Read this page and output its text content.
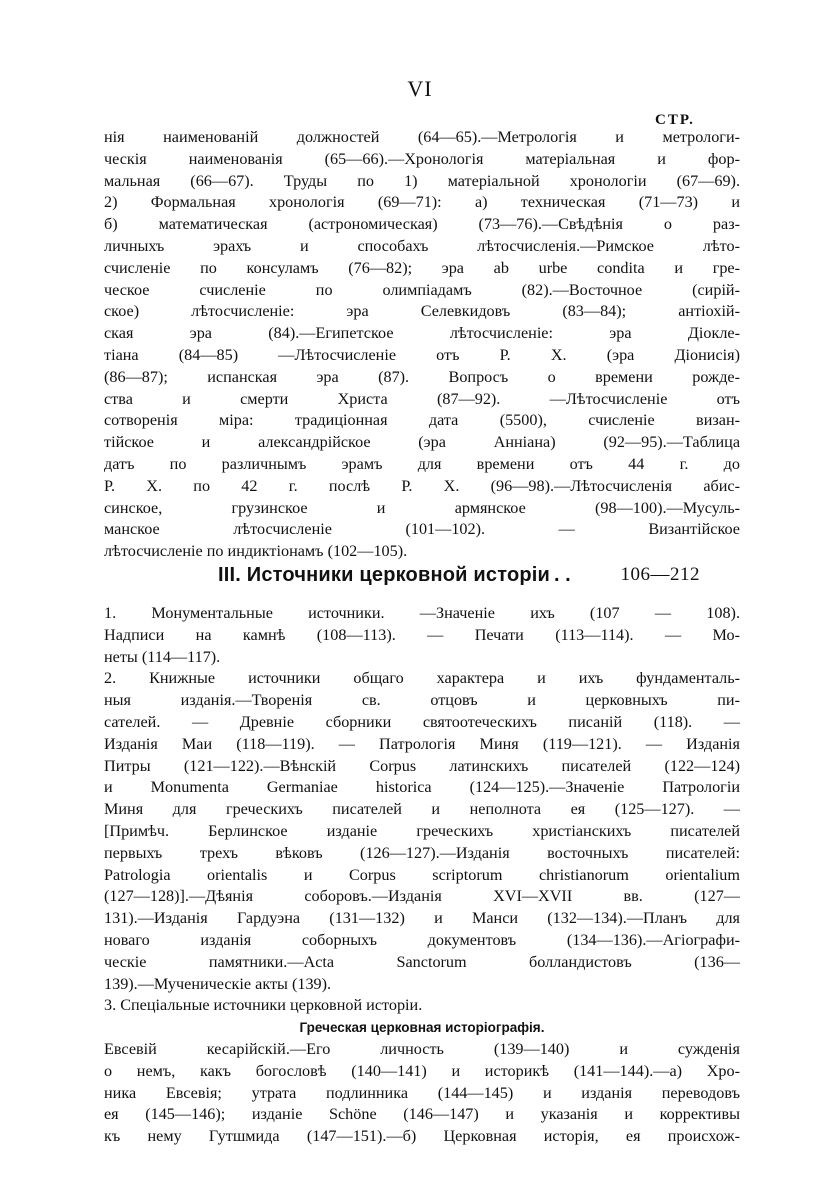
VI
СТР.
нія наименованій должностей (64—65).—Метрологія и метрологи-
ческія наименованія (65—66).—Хронологія матеріальная и фор-
мальная (66—67). Труды по 1) матеріальной хронологіи (67—69).
2) Формальная хронологія (69—71): а) техническая (71—73) и
б) математическая (астрономическая) (73—76).—Свѣдѣнія о раз-
личныхъ эрахъ и способахъ лѣтосчисленія.—Римское лѣто-
счисленіе по консуламъ (76—82); эра ab urbe condita и гре-
ческое счисленіе по олимпіадамъ (82).—Восточное (сирій-
ское) лѣтосчисленіе: эра Селевкидовъ (83—84); антіохій-
ская эра (84).—Египетское лѣтосчисленіе: эра Діокле-
тіана (84—85) —Лѣтосчисленіе отъ Р. Х. (эра Діонисія)
(86—87); испанская эра (87). Вопросъ о времени рожде-
ства и смерти Христа (87—92). —Лѣтосчисленіе отъ
сотворенія міра: традиціонная дата (5500), счисленіе визан-
тійское и александрійское (эра Анніана) (92—95).—Таблица
датъ по различнымъ эрамъ для времени отъ 44 г. до
Р. Х. по 42 г. послѣ Р. Х. (96—98).—Лѣтосчисленія абис-
синское, грузинское и армянское (98—100).—Мусуль-
манское лѣтосчисленіе (101—102). — Византійское
лѣтосчисленіе по индиктіонамъ (102—105).
III. Источники церковной исторіи . .	106—212
1. Монументальные источники. —Значеніе ихъ (107 — 108).
Надписи на камнѣ (108—113). — Печати (113—114). — Мо-
неты (114—117).
2. Книжные источники общаго характера и ихъ фундаменталь-
ныя изданія.—Творенія св. отцовъ и церковныхъ пи-
сателей. — Древніе сборники святоотеческихъ писаній (118). —
Изданія Маи (118—119). — Патрологія Миня (119—121). — Изданія
Питры (121—122).—Вѣнскій Corpus латинскихъ писателей (122—124)
и Monumenta Germaniae historica (124—125).—Значеніе Патрологіи
Миня для греческихъ писателей и неполнота ея (125—127). —
[Примѣч. Берлинское изданіе греческихъ христіанскихъ писателей
первыхъ трехъ вѣковъ (126—127).—Изданія восточныхъ писателей:
Patrologia orientalis и Corpus scriptorum christianorum orientalium
(127—128)].—Дѣянія соборовъ.—Изданія XVI—XVII вв. (127—
131).—Изданія Гардуэна (131—132) и Манси (132—134).—Планъ для
новаго изданія соборныхъ документовъ (134—136).—Агіографи-
ческіе памятники.—Acta Sanctorum болландистовъ (136—
139).—Мученическіе акты (139).
3. Спеціальные источники церковной исторіи.
Греческая церковная исторіографія.
Евсевій кесарійскій.—Его личность (139—140) и сужденія
о немъ, какъ богословѣ (140—141) и историкѣ (141—144).—а) Хро-
ника Евсевія; утрата подлинника (144—145) и изданія переводовъ
ея (145—146); изданіе Schöne (146—147) и указанія и коррективы
къ нему Гутшмида (147—151).—б) Церковная исторія, ея происхож-
